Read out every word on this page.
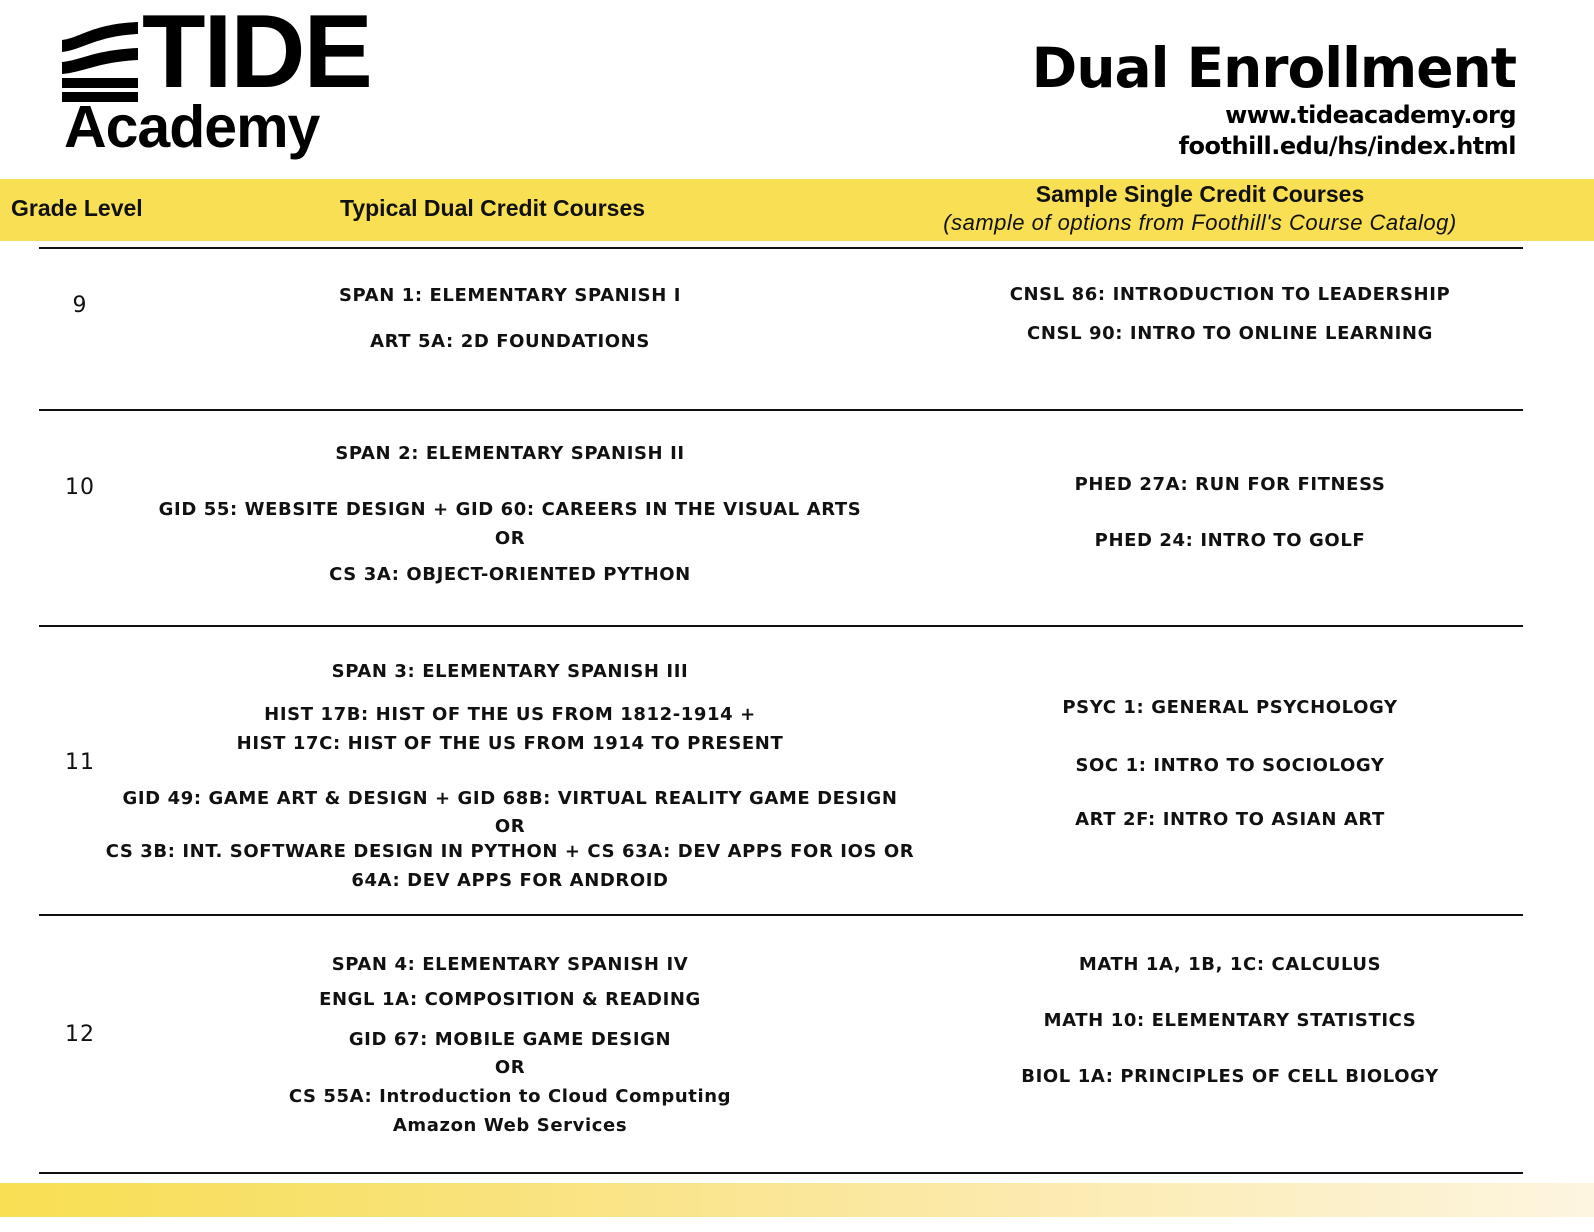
TIDE
Academy
Dual Enrollment
www.tideacademy.org
foothill.edu/hs/index.html
Grade Level	Typical Dual Credit Courses
Sample Single Credit Courses
(sample of options from Foothill's Course Catalog)
9	SPAN 1: ELEMENTARY SPANISH I
ART 5A: 2D FOUNDATIONS
CNSL 86: INTRODUCTION TO LEADERSHIP
CNSL 90: INTRO TO ONLINE LEARNING
10
SPAN 2: ELEMENTARY SPANISH II
GID 55: WEBSITE DESIGN + GID 60: CAREERS IN THE VISUAL ARTS
OR
CS 3A: OBJECT-ORIENTED PYTHON
PHED 27A: RUN FOR FITNESS
PHED 24: INTRO TO GOLF
11
SPAN 3: ELEMENTARY SPANISH III
HIST 17B: HIST OF THE US FROM 1812-1914 +
HIST 17C: HIST OF THE US FROM 1914 TO PRESENT
GID 49: GAME ART & DESIGN + GID 68B: VIRTUAL REALITY GAME DESIGN
OR
CS 3B: INT. SOFTWARE DESIGN IN PYTHON + CS 63A: DEV APPS FOR IOS OR
64A: DEV APPS FOR ANDROID
PSYC 1: GENERAL PSYCHOLOGY
SOC 1: INTRO TO SOCIOLOGY
ART 2F: INTRO TO ASIAN ART
12
SPAN 4: ELEMENTARY SPANISH IV
ENGL 1A: COMPOSITION & READING
GID 67: MOBILE GAME DESIGN
OR
CS 55A: Introduction to Cloud Computing
Amazon Web Services
MATH 1A, 1B, 1C: CALCULUS
MATH 10: ELEMENTARY STATISTICS
BIOL 1A: PRINCIPLES OF CELL BIOLOGY
